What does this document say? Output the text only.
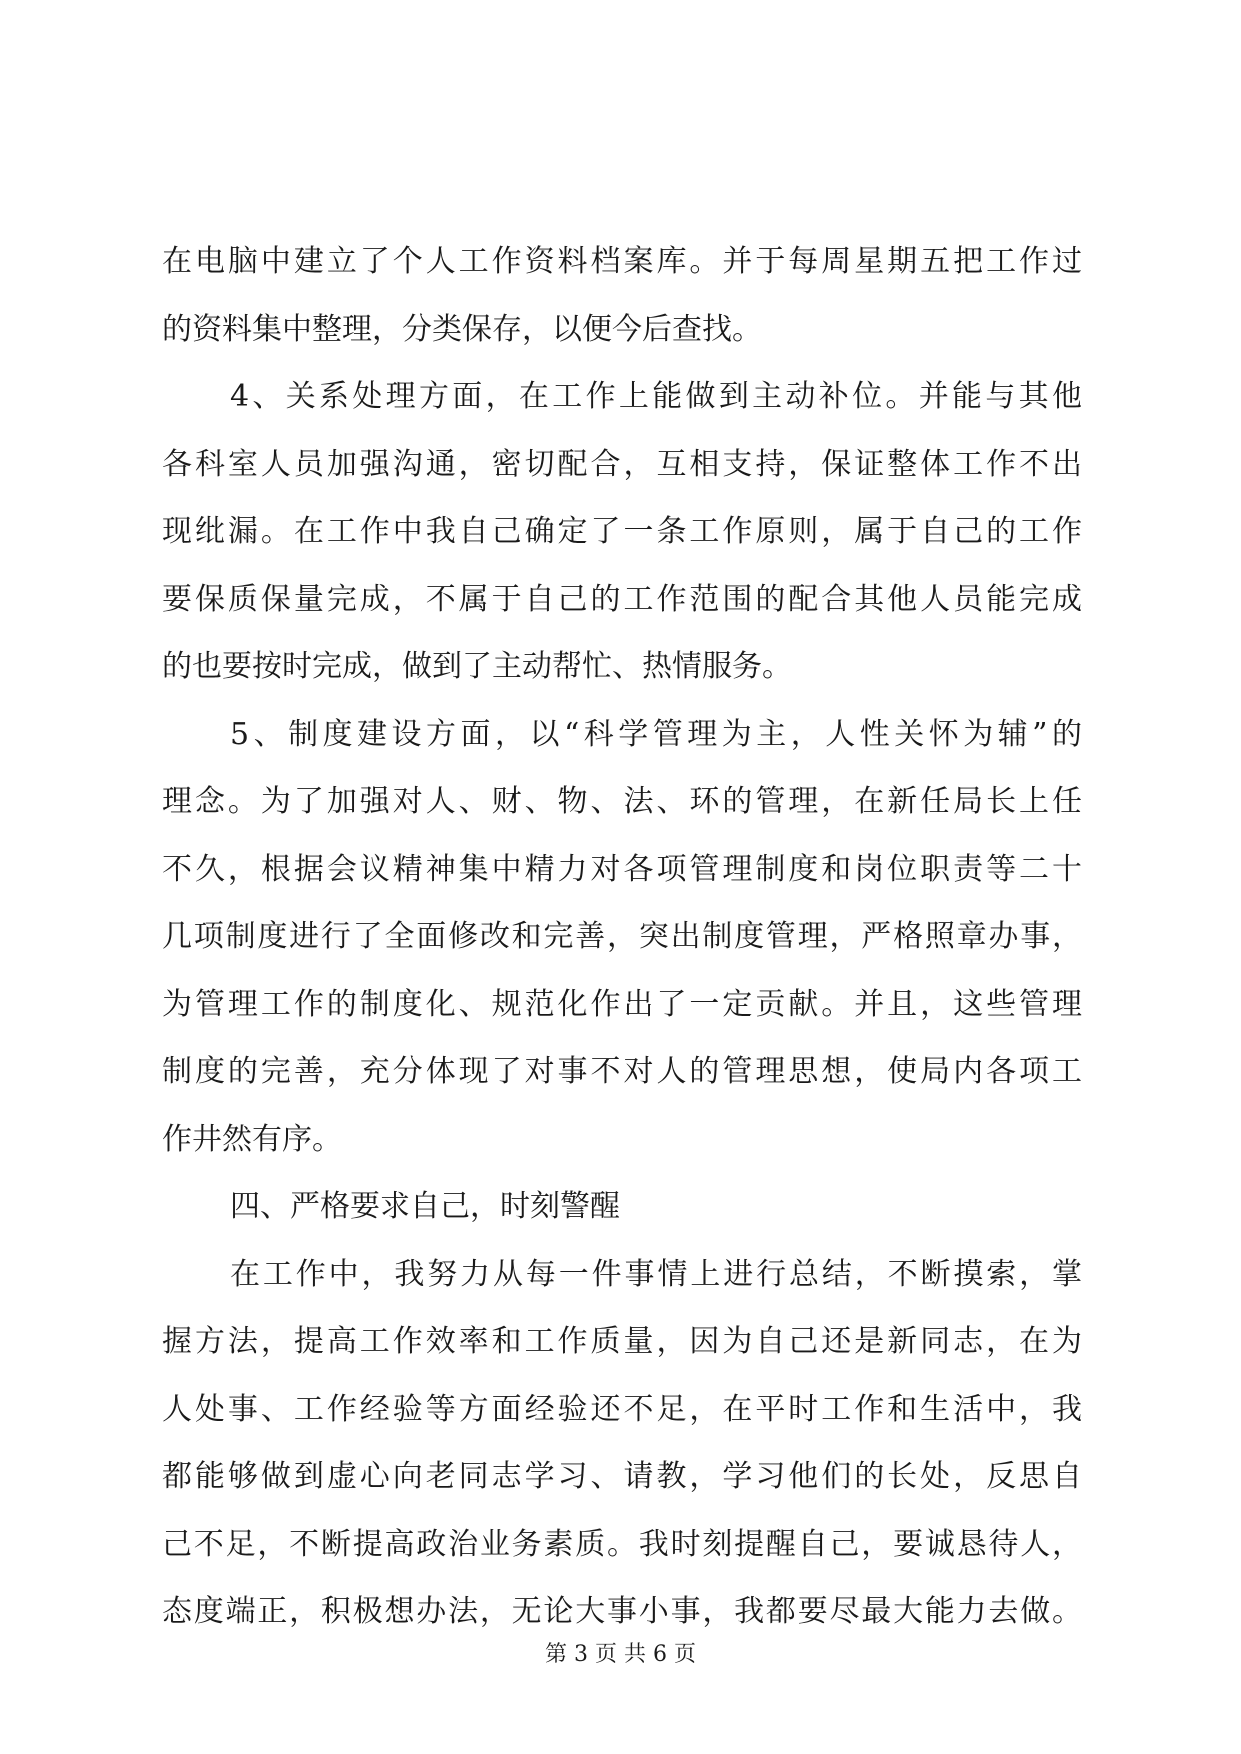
在电脑中建立了个人工作资料档案库。并于每周星期五把工作过
的资料集中整理，分类保存，以便今后查找。
4、关系处理方面，在工作上能做到主动补位。并能与其他
各科室人员加强沟通，密切配合，互相支持，保证整体工作不出
现纰漏。在工作中我自己确定了一条工作原则，属于自己的工作
要保质保量完成，不属于自己的工作范围的配合其他人员能完成
的也要按时完成，做到了主动帮忙、热情服务。
5、制度建设方面，以“科学管理为主，人性关怀为辅”的
理念。为了加强对人、财、物、法、环的管理，在新任局长上任
不久，根据会议精神集中精力对各项管理制度和岗位职责等二十
几项制度进行了全面修改和完善，突出制度管理，严格照章办事，
为管理工作的制度化、规范化作出了一定贡献。并且，这些管理
制度的完善，充分体现了对事不对人的管理思想，使局内各项工
作井然有序。
四、严格要求自己，时刻警醒
在工作中，我努力从每一件事情上进行总结，不断摸索，掌
握方法，提高工作效率和工作质量，因为自己还是新同志，在为
人处事、工作经验等方面经验还不足，在平时工作和生活中，我
都能够做到虚心向老同志学习、请教，学习他们的长处，反思自
己不足，不断提高政治业务素质。我时刻提醒自己，要诚恳待人，
态度端正，积极想办法，无论大事小事，我都要尽最大能力去做。
第 3 页 共 6 页
